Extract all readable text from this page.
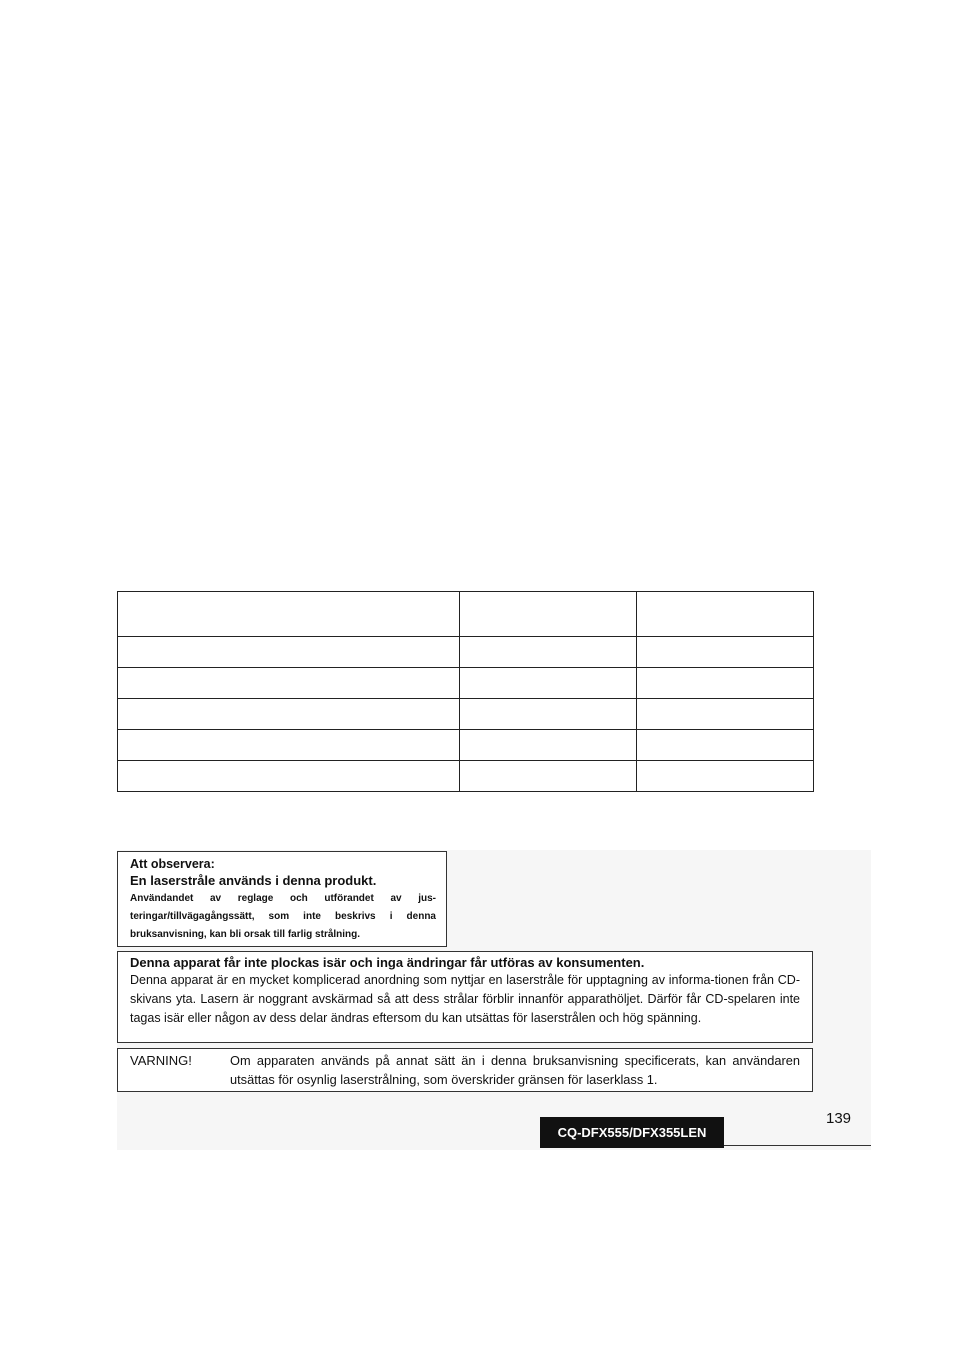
Att observera:
En laserstråle används i denna produkt.
Användandet av reglage och utförandet av jus-teringar/tillvägagångssätt, som inte beskrivs i denna bruksanvisning, kan bli orsak till farlig strålning.
Denna apparat får inte plockas isär och inga ändringar får utföras av konsumenten.
Denna apparat är en mycket komplicerad anordning som nyttjar en laserstråle för upptagning av informa-tionen från CD-skivans yta. Lasern är noggrant avskärmad så att dess strålar förblir innanför apparathöljet. Därför får CD-spelaren inte tagas isär eller någon av dess delar ändras eftersom du kan utsättas för laserstrålen och hög spänning.
VARNING!	Om apparaten används på annat sätt än i denna bruksanvisning specificerats, kan användaren utsättas för osynlig laserstrålning, som överskrider gränsen för laserklass 1.
139
CQ-DFX555/DFX355LEN
